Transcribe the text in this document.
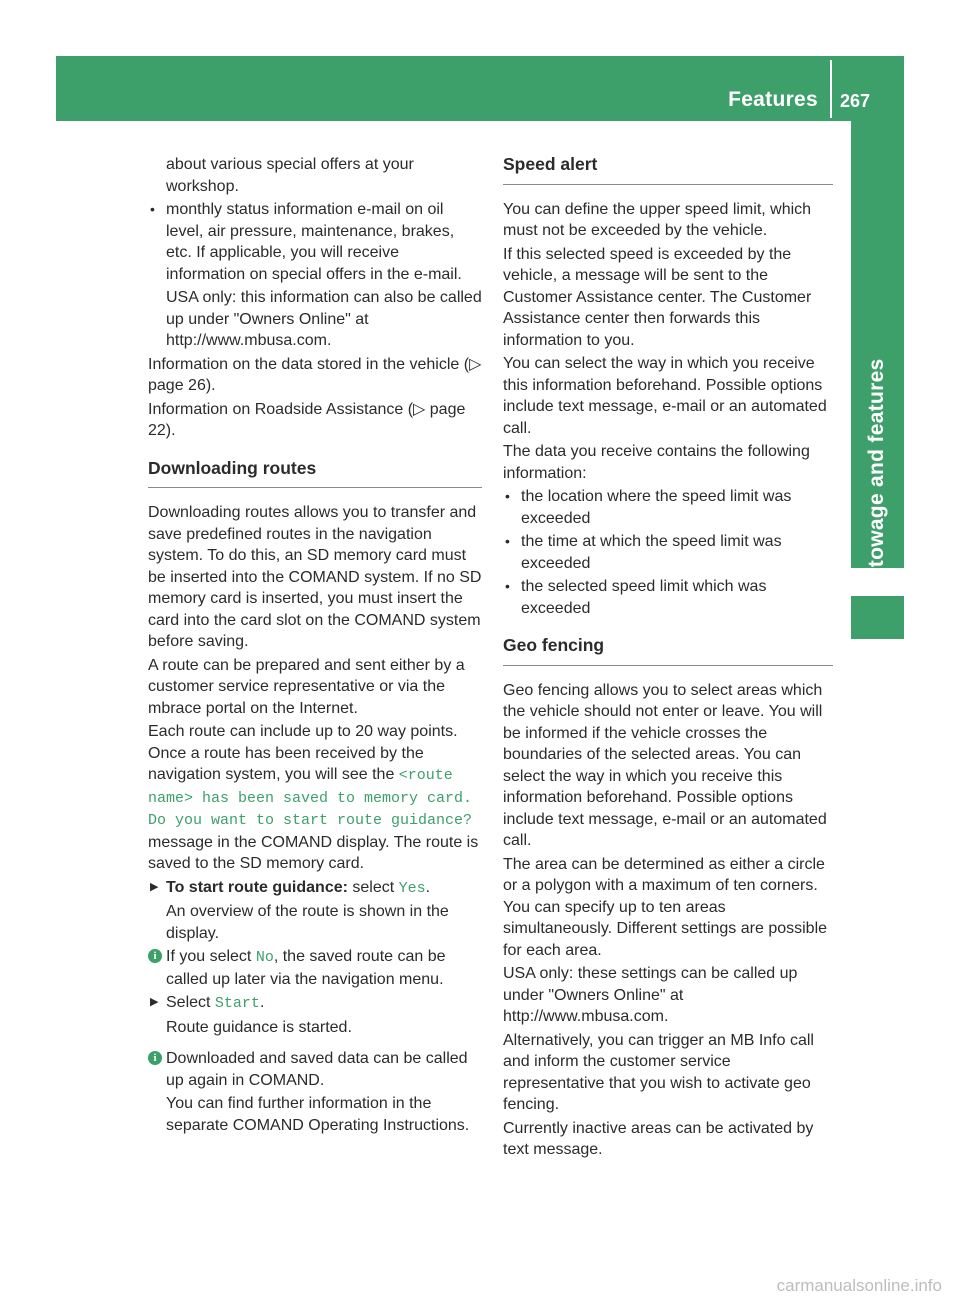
Features 267
Stowage and features

about various special offers at your workshop.

• monthly status information e-mail on oil level, air pressure, maintenance, brakes, etc. If applicable, you will receive information on special offers in the e-mail.

USA only: this information can also be called up under "Owners Online" at http://www.mbusa.com.

Information on the data stored in the vehicle (▷ page 26).

Information on Roadside Assistance (▷ page 22).

Downloading routes

Downloading routes allows you to transfer and save predefined routes in the navigation system. To do this, an SD memory card must be inserted into the COMAND system. If no SD memory card is inserted, you must insert the card into the card slot on the COMAND system before saving.

A route can be prepared and sent either by a customer service representative or via the mbrace portal on the Internet.

Each route can include up to 20 way points. Once a route has been received by the navigation system, you will see the <route name> has been saved to memory card. Do you want to start route guidance? message in the COMAND display. The route is saved to the SD memory card.

▶ To start route guidance: select Yes.

An overview of the route is shown in the display.

i If you select No, the saved route can be called up later via the navigation menu.

▶ Select Start.

Route guidance is started.

i Downloaded and saved data can be called up again in COMAND.

You can find further information in the separate COMAND Operating Instructions.

Speed alert

You can define the upper speed limit, which must not be exceeded by the vehicle.

If this selected speed is exceeded by the vehicle, a message will be sent to the Customer Assistance center. The Customer Assistance center then forwards this information to you.

You can select the way in which you receive this information beforehand. Possible options include text message, e-mail or an automated call.

The data you receive contains the following information:

• the location where the speed limit was exceeded

• the time at which the speed limit was exceeded

• the selected speed limit which was exceeded

Geo fencing

Geo fencing allows you to select areas which the vehicle should not enter or leave. You will be informed if the vehicle crosses the boundaries of the selected areas. You can select the way in which you receive this information beforehand. Possible options include text message, e-mail or an automated call.

The area can be determined as either a circle or a polygon with a maximum of ten corners. You can specify up to ten areas simultaneously. Different settings are possible for each area.

USA only: these settings can be called up under "Owners Online" at http://www.mbusa.com.

Alternatively, you can trigger an MB Info call and inform the customer service representative that you wish to activate geo fencing.

Currently inactive areas can be activated by text message.

carmanualsonline.info
